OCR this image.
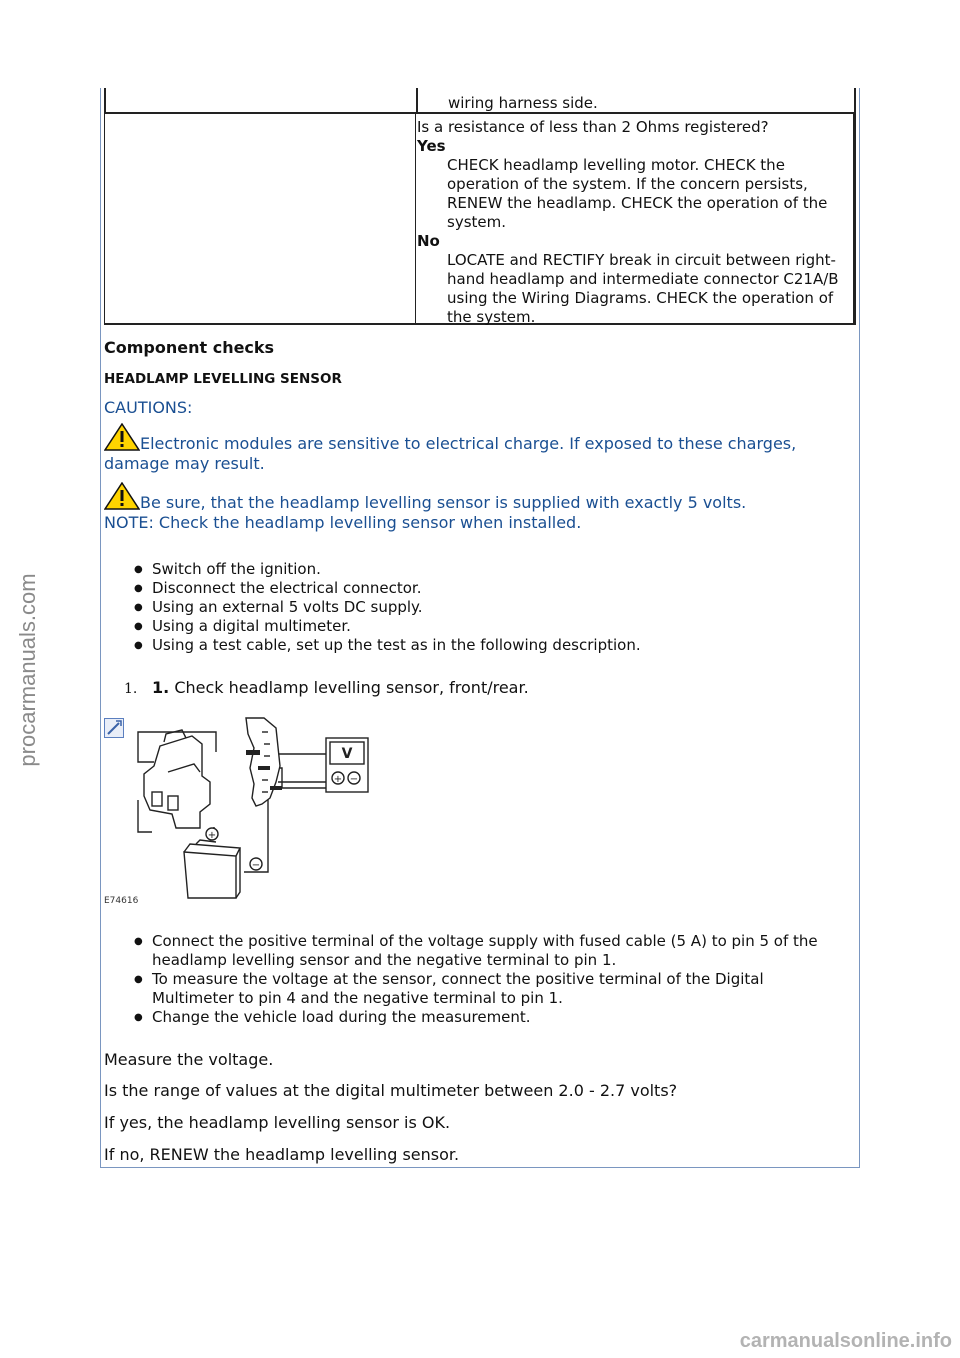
wiring harness side.
Is a resistance of less than 2 Ohms registered?
Yes
CHECK headlamp levelling motor. CHECK the operation of the system. If the concern persists, RENEW the headlamp. CHECK the operation of the system.
No
LOCATE and RECTIFY break in circuit between right-hand headlamp and intermediate connector C21A/B using the Wiring Diagrams. CHECK the operation of the system.
Component checks
HEADLAMP LEVELLING SENSOR
CAUTIONS:
Electronic modules are sensitive to electrical charge. If exposed to these charges, damage may result.
Be sure, that the headlamp levelling sensor is supplied with exactly 5 volts.
NOTE: Check the headlamp levelling sensor when installed.
● Switch off the ignition.
● Disconnect the electrical connector.
● Using an external 5 volts DC supply.
● Using a digital multimeter.
● Using a test cable, set up the test as in the following description.
1. 1. Check headlamp levelling sensor, front/rear.
V
+ −
+
−
E74616
● Connect the positive terminal of the voltage supply with fused cable (5 A) to pin 5 of the headlamp levelling sensor and the negative terminal to pin 1.
● To measure the voltage at the sensor, connect the positive terminal of the Digital Multimeter to pin 4 and the negative terminal to pin 1.
● Change the vehicle load during the measurement.
Measure the voltage.
Is the range of values at the digital multimeter between 2.0 - 2.7 volts?
If yes, the headlamp levelling sensor is OK.
If no, RENEW the headlamp levelling sensor.
procarmanuals.com
carmanualsonline.info
